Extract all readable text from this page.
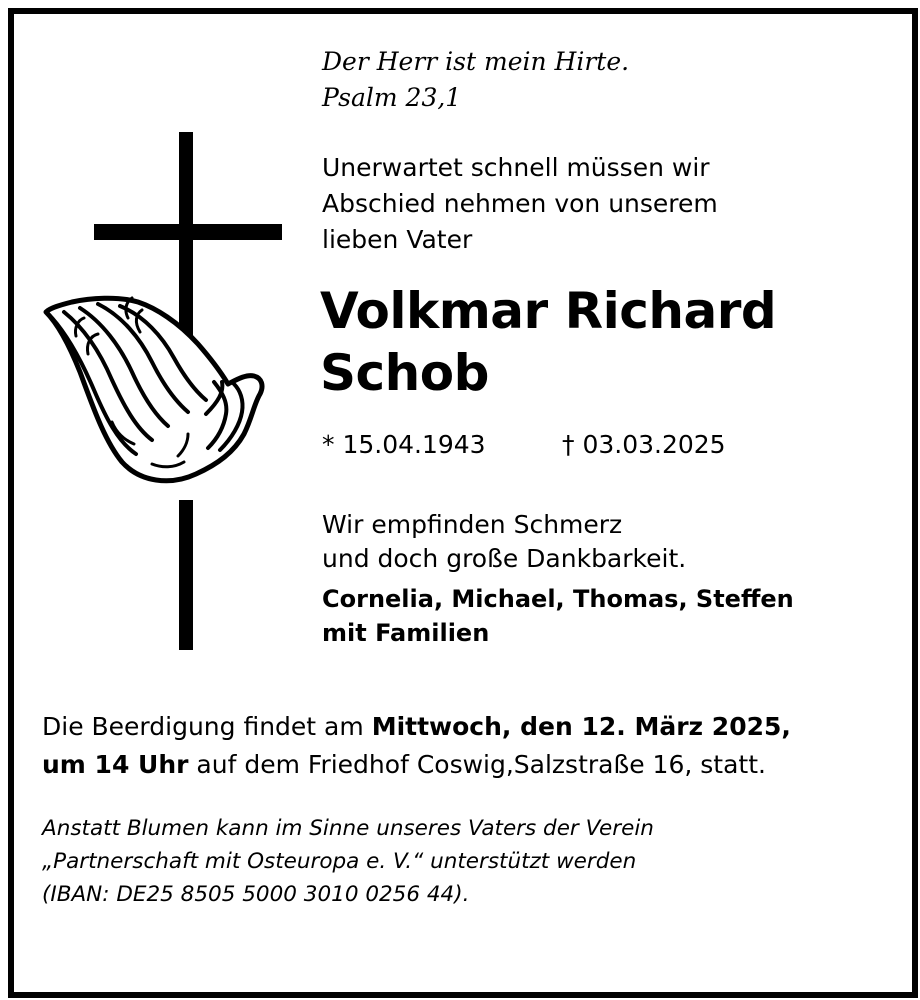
Der Herr ist mein Hirte.
Psalm 23,1
Unerwartet schnell müssen wir
Abschied nehmen von unserem
lieben Vater
Volkmar Richard
Schob
* 15.04.1943	† 03.03.2025
Wir empfinden Schmerz
und doch große Dankbarkeit.
Cornelia, Michael, Thomas, Steffen
mit Familien
Die Beerdigung findet am Mittwoch, den 12. März 2025,
um 14 Uhr auf dem Friedhof Coswig,Salzstraße 16, statt.
Anstatt Blumen kann im Sinne unseres Vaters der Verein
„Partnerschaft mit Osteuropa e. V.“ unterstützt werden
(IBAN: DE25 8505 5000 3010 0256 44).
